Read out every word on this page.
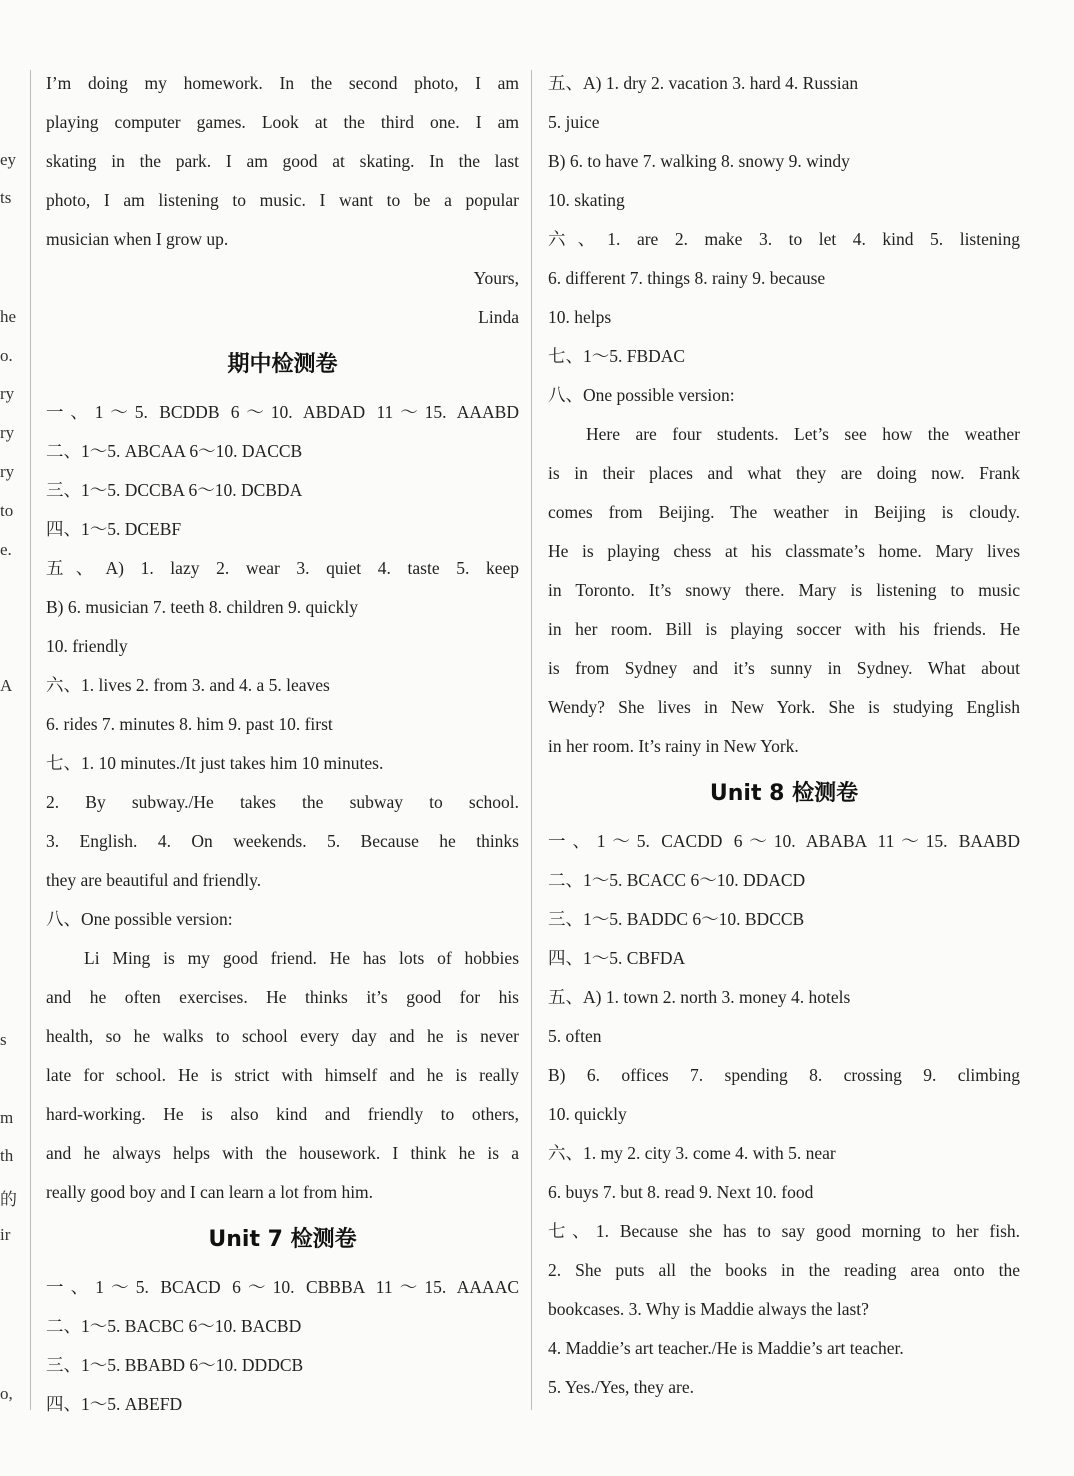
ey
ts
he
o.
ry
ry
ry
to
e.
A
s
m
th
的
ir
o,
I’m doing my homework. In the second photo, I am
playing computer games. Look at the third one. I am
skating in the park. I am good at skating. In the last
photo, I am listening to music. I want to be a popular
musician when I grow up.
Yours,
Linda
期中检测卷
一、1～5. BCDDB 6～10. ABDAD 11～15. AAABD
二、1～5. ABCAA 6～10. DACCB
三、1～5. DCCBA 6～10. DCBDA
四、1～5. DCEBF
五、A) 1. lazy 2. wear 3. quiet 4. taste 5. keep
B) 6. musician 7. teeth 8. children 9. quickly
10. friendly
六、1. lives 2. from 3. and 4. a 5. leaves
6. rides 7. minutes 8. him 9. past 10. first
七、1. 10 minutes./It just takes him 10 minutes.
2. By subway./He takes the subway to school.
3. English. 4. On weekends. 5. Because he thinks
they are beautiful and friendly.
八、One possible version:
Li Ming is my good friend. He has lots of hobbies
and he often exercises. He thinks it’s good for his
health, so he walks to school every day and he is never
late for school. He is strict with himself and he is really
hard-working. He is also kind and friendly to others,
and he always helps with the housework. I think he is a
really good boy and I can learn a lot from him.
Unit 7 检测卷
一、1～5. BCACD 6～10. CBBBA 11～15. AAAAC
二、1～5. BACBC 6～10. BACBD
三、1～5. BBABD 6～10. DDDCB
四、1～5. ABEFD
五、A) 1. dry 2. vacation 3. hard 4. Russian
5. juice
B) 6. to have 7. walking 8. snowy 9. windy
10. skating
六、1. are 2. make 3. to let 4. kind 5. listening
6. different 7. things 8. rainy 9. because
10. helps
七、1～5. FBDAC
八、One possible version:
Here are four students. Let’s see how the weather
is in their places and what they are doing now. Frank
comes from Beijing. The weather in Beijing is cloudy.
He is playing chess at his classmate’s home. Mary lives
in Toronto. It’s snowy there. Mary is listening to music
in her room. Bill is playing soccer with his friends. He
is from Sydney and it’s sunny in Sydney. What about
Wendy? She lives in New York. She is studying English
in her room. It’s rainy in New York.
Unit 8 检测卷
一、1～5. CACDD 6～10. ABABA 11～15. BAABD
二、1～5. BCACC 6～10. DDACD
三、1～5. BADDC 6～10. BDCCB
四、1～5. CBFDA
五、A) 1. town 2. north 3. money 4. hotels
5. often
B) 6. offices 7. spending 8. crossing 9. climbing
10. quickly
六、1. my 2. city 3. come 4. with 5. near
6. buys 7. but 8. read 9. Next 10. food
七、1. Because she has to say good morning to her fish.
2. She puts all the books in the reading area onto the
bookcases. 3. Why is Maddie always the last?
4. Maddie’s art teacher./He is Maddie’s art teacher.
5. Yes./Yes, they are.
